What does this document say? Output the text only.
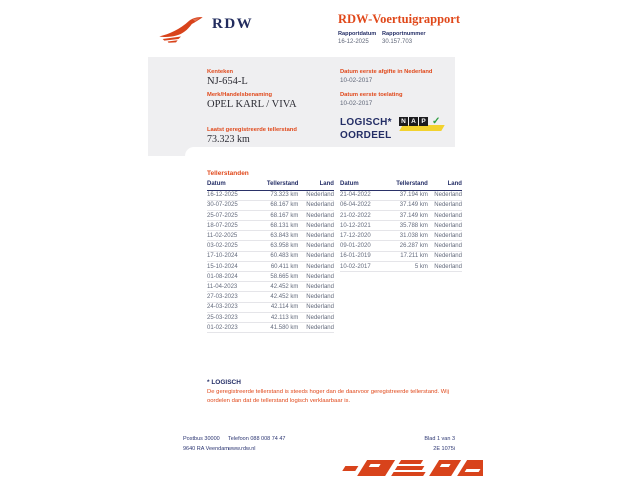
RDW	RDW-Voertuigrapport
Rapportdatum Rapportnummer
16-12-2025 30.157.703
Kenteken
NJ-654-L
Merk/Handelsbenaming
OPEL KARL / VIVA
Laatst geregistreerde tellerstand
73.323 km
Datum eerste afgifte in Nederland
10-02-2017
Datum eerste toelating
10-02-2017
LOGISCH*
OORDEEL
N A P ✓
Tellerstanden
Datum	Tellerstand	Land
16-12-2025	73.323 km	Nederland
30-07-2025	68.167 km	Nederland
25-07-2025	68.167 km	Nederland
18-07-2025	68.131 km	Nederland
11-02-2025	63.843 km	Nederland
03-02-2025	63.958 km	Nederland
17-10-2024	60.483 km	Nederland
15-10-2024	60.411 km	Nederland
01-08-2024	58.665 km	Nederland
11-04-2023	42.452 km	Nederland
27-03-2023	42.452 km	Nederland
24-03-2023	42.114 km	Nederland
25-03-2023	42.113 km	Nederland
01-02-2023	41.580 km	Nederland
Datum	Tellerstand	Land
21-04-2022	37.194 km	Nederland
06-04-2022	37.149 km	Nederland
21-02-2022	37.149 km	Nederland
10-12-2021	35.788 km	Nederland
17-12-2020	31.038 km	Nederland
09-01-2020	26.287 km	Nederland
16-01-2019	17.211 km	Nederland
10-02-2017	5 km	Nederland
* LOGISCH
De geregistreerde tellerstand is steeds hoger dan de daarvoor geregistreerde tellerstand. Wij oordelen dan dat de tellerstand logisch verklaarbaar is.
Postbus 30000
9640 RA Veendam
Telefoon 088 008 74 47
www.rdw.nl
Blad 1 van 3
2E 1075i
